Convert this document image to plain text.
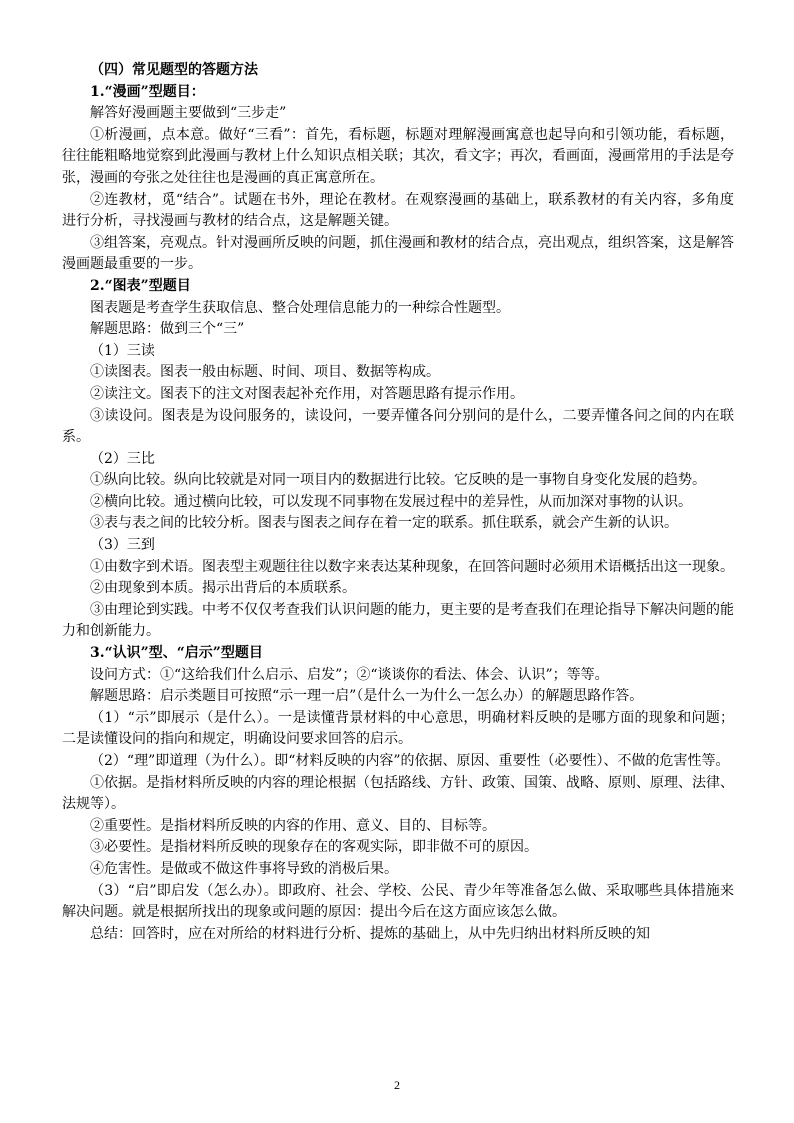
（四）常见题型的答题方法

1.“漫画”型题目：

解答好漫画题主要做到“三步走”

①析漫画，点本意。做好“三看”：首先，看标题，标题对理解漫画寓意也起导向和引领功能，看标题，往往能粗略地觉察到此漫画与教材上什么知识点相关联；其次，看文字；再次，看画面，漫画常用的手法是夸张，漫画的夸张之处往往也是漫画的真正寓意所在。

②连教材，觅“结合”。试题在书外，理论在教材。在观察漫画的基础上，联系教材的有关内容，多角度进行分析，寻找漫画与教材的结合点，这是解题关键。

③组答案，亮观点。针对漫画所反映的问题，抓住漫画和教材的结合点，亮出观点，组织答案，这是解答漫画题最重要的一步。

2.“图表”型题目

图表题是考查学生获取信息、整合处理信息能力的一种综合性题型。

解题思路：做到三个“三”

（1）三读

①读图表。图表一般由标题、时间、项目、数据等构成。

②读注文。图表下的注文对图表起补充作用，对答题思路有提示作用。

③读设问。图表是为设问服务的，读设问，一要弄懂各问分别问的是什么，二要弄懂各问之间的内在联系。

（2）三比

①纵向比较。纵向比较就是对同一项目内的数据进行比较。它反映的是一事物自身变化发展的趋势。

②横向比较。通过横向比较，可以发现不同事物在发展过程中的差异性，从而加深对事物的认识。

③表与表之间的比较分析。图表与图表之间存在着一定的联系。抓住联系，就会产生新的认识。

（3）三到

①由数字到术语。图表型主观题往往以数字来表达某种现象，在回答问题时必须用术语概括出这一现象。

②由现象到本质。揭示出背后的本质联系。

③由理论到实践。中考不仅仅考查我们认识问题的能力，更主要的是考查我们在理论指导下解决问题的能力和创新能力。

3.“认识”型、“启示”型题目

设问方式：①“这给我们什么启示、启发”；②“谈谈你的看法、体会、认识”；等等。

解题思路：启示类题目可按照“示一理一启”（是什么一为什么一怎么办）的解题思路作答。

（1）“示”即展示（是什么）。一是读懂背景材料的中心意思，明确材料反映的是哪方面的现象和问题；二是读懂设问的指向和规定，明确设问要求回答的启示。

（2）“理”即道理（为什么）。即“材料反映的内容”的依据、原因、重要性（必要性）、不做的危害性等。

①依据。是指材料所反映的内容的理论根据（包括路线、方针、政策、国策、战略、原则、原理、法律、法规等）。

②重要性。是指材料所反映的内容的作用、意义、目的、目标等。

③必要性。是指材料所反映的现象存在的客观实际，即非做不可的原因。

④危害性。是做或不做这件事将导致的消极后果。

（3）“启”即启发（怎么办）。即政府、社会、学校、公民、青少年等准备怎么做、采取哪些具体措施来解决问题。就是根据所找出的现象或问题的原因：提出今后在这方面应该怎么做。

总结：回答时，应在对所给的材料进行分析、提炼的基础上，从中先归纳出材料所反映的知

2
